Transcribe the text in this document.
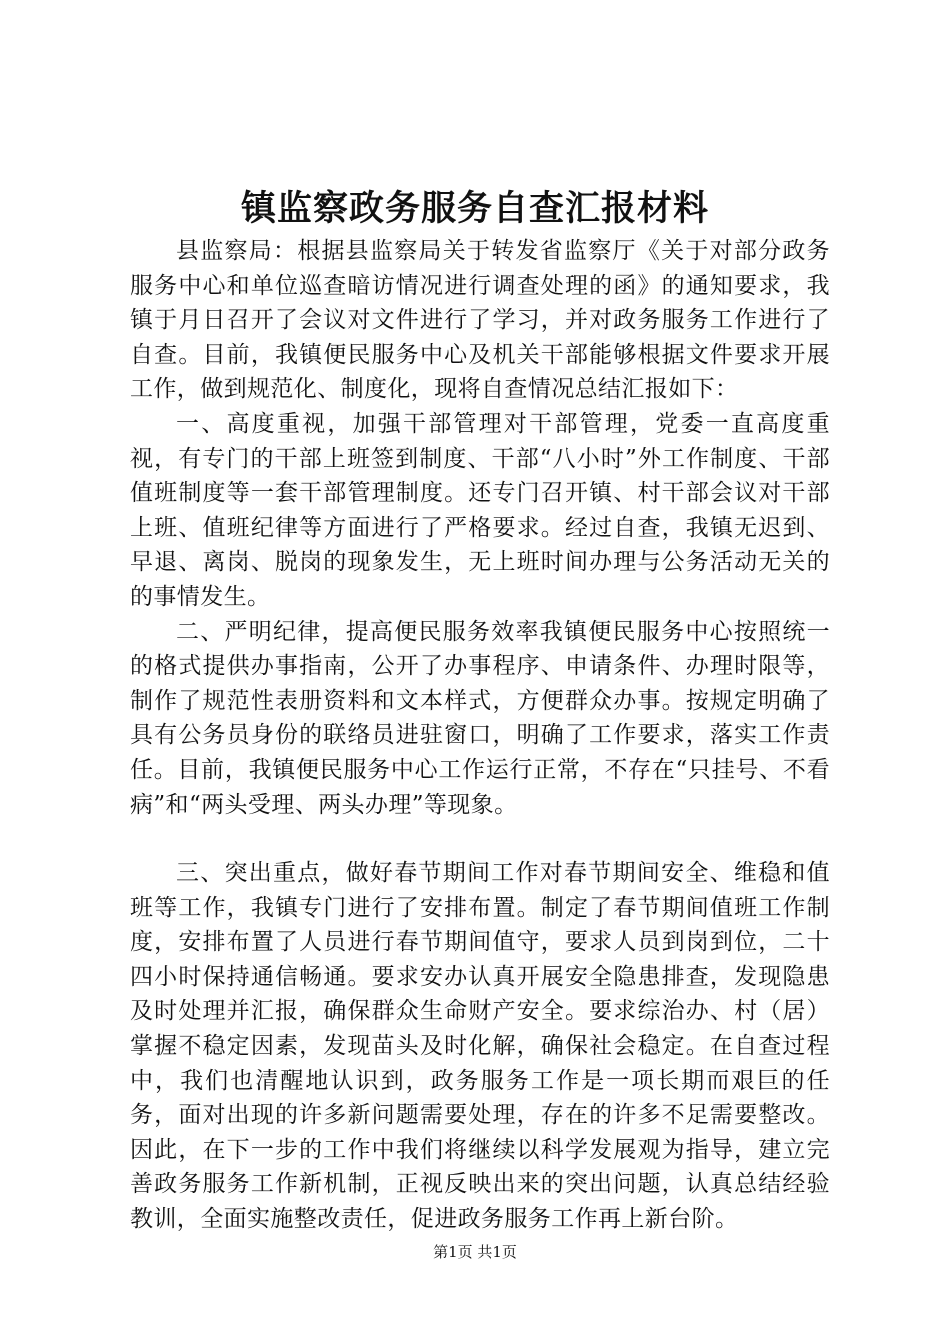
镇监察政务服务自查汇报材料

县监察局：根据县监察局关于转发省监察厅《关于对部分政务服务中心和单位巡查暗访情况进行调查处理的函》的通知要求，我镇于月日召开了会议对文件进行了学习，并对政务服务工作进行了自查。目前，我镇便民服务中心及机关干部能够根据文件要求开展工作，做到规范化、制度化，现将自查情况总结汇报如下：

一、高度重视，加强干部管理对干部管理，党委一直高度重视，有专门的干部上班签到制度、干部“八小时”外工作制度、干部值班制度等一套干部管理制度。还专门召开镇、村干部会议对干部上班、值班纪律等方面进行了严格要求。经过自查，我镇无迟到、早退、离岗、脱岗的现象发生，无上班时间办理与公务活动无关的的事情发生。

二、严明纪律，提高便民服务效率我镇便民服务中心按照统一的格式提供办事指南，公开了办事程序、申请条件、办理时限等，制作了规范性表册资料和文本样式，方便群众办事。按规定明确了具有公务员身份的联络员进驻窗口，明确了工作要求，落实工作责任。目前，我镇便民服务中心工作运行正常，不存在“只挂号、不看病”和“两头受理、两头办理”等现象。

三、突出重点，做好春节期间工作对春节期间安全、维稳和值班等工作，我镇专门进行了安排布置。制定了春节期间值班工作制度，安排布置了人员进行春节期间值守，要求人员到岗到位，二十四小时保持通信畅通。要求安办认真开展安全隐患排查，发现隐患及时处理并汇报，确保群众生命财产安全。要求综治办、村（居）掌握不稳定因素，发现苗头及时化解，确保社会稳定。在自查过程中，我们也清醒地认识到，政务服务工作是一项长期而艰巨的任务，面对出现的许多新问题需要处理，存在的许多不足需要整改。因此，在下一步的工作中我们将继续以科学发展观为指导，建立完善政务服务工作新机制，正视反映出来的突出问题，认真总结经验教训，全面实施整改责任，促进政务服务工作再上新台阶。

第1页 共1页
